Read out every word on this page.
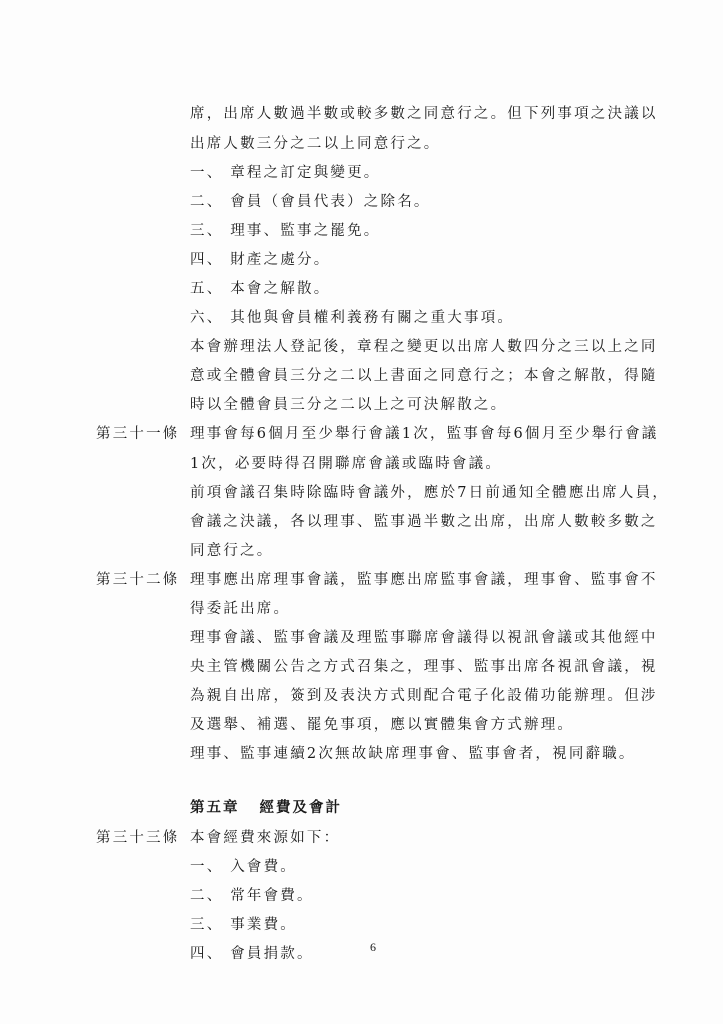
席，出席人數過半數或較多數之同意行之。但下列事項之決議以
出席人數三分之二以上同意行之。
一、 章程之訂定與變更。
二、 會員（會員代表）之除名。
三、 理事、監事之罷免。
四、 財產之處分。
五、 本會之解散。
六、 其他與會員權利義務有關之重大事項。
本會辦理法人登記後，章程之變更以出席人數四分之三以上之同
意或全體會員三分之二以上書面之同意行之；本會之解散，得隨
時以全體會員三分之二以上之可決解散之。
第三十一條 理事會每6個月至少舉行會議1次，監事會每6個月至少舉行會議
1次，必要時得召開聯席會議或臨時會議。
前項會議召集時除臨時會議外，應於7日前通知全體應出席人員，
會議之決議，各以理事、監事過半數之出席，出席人數較多數之
同意行之。
第三十二條 理事應出席理事會議，監事應出席監事會議，理事會、監事會不
得委託出席。
理事會議、監事會議及理監事聯席會議得以視訊會議或其他經中
央主管機關公告之方式召集之，理事、監事出席各視訊會議，視
為親自出席，簽到及表決方式則配合電子化設備功能辦理。但涉
及選舉、補選、罷免事項，應以實體集會方式辦理。
理事、監事連續2次無故缺席理事會、監事會者，視同辭職。
第五章 經費及會計
第三十三條 本會經費來源如下：
一、 入會費。
二、 常年會費。
三、 事業費。
四、 會員捐款。	6
